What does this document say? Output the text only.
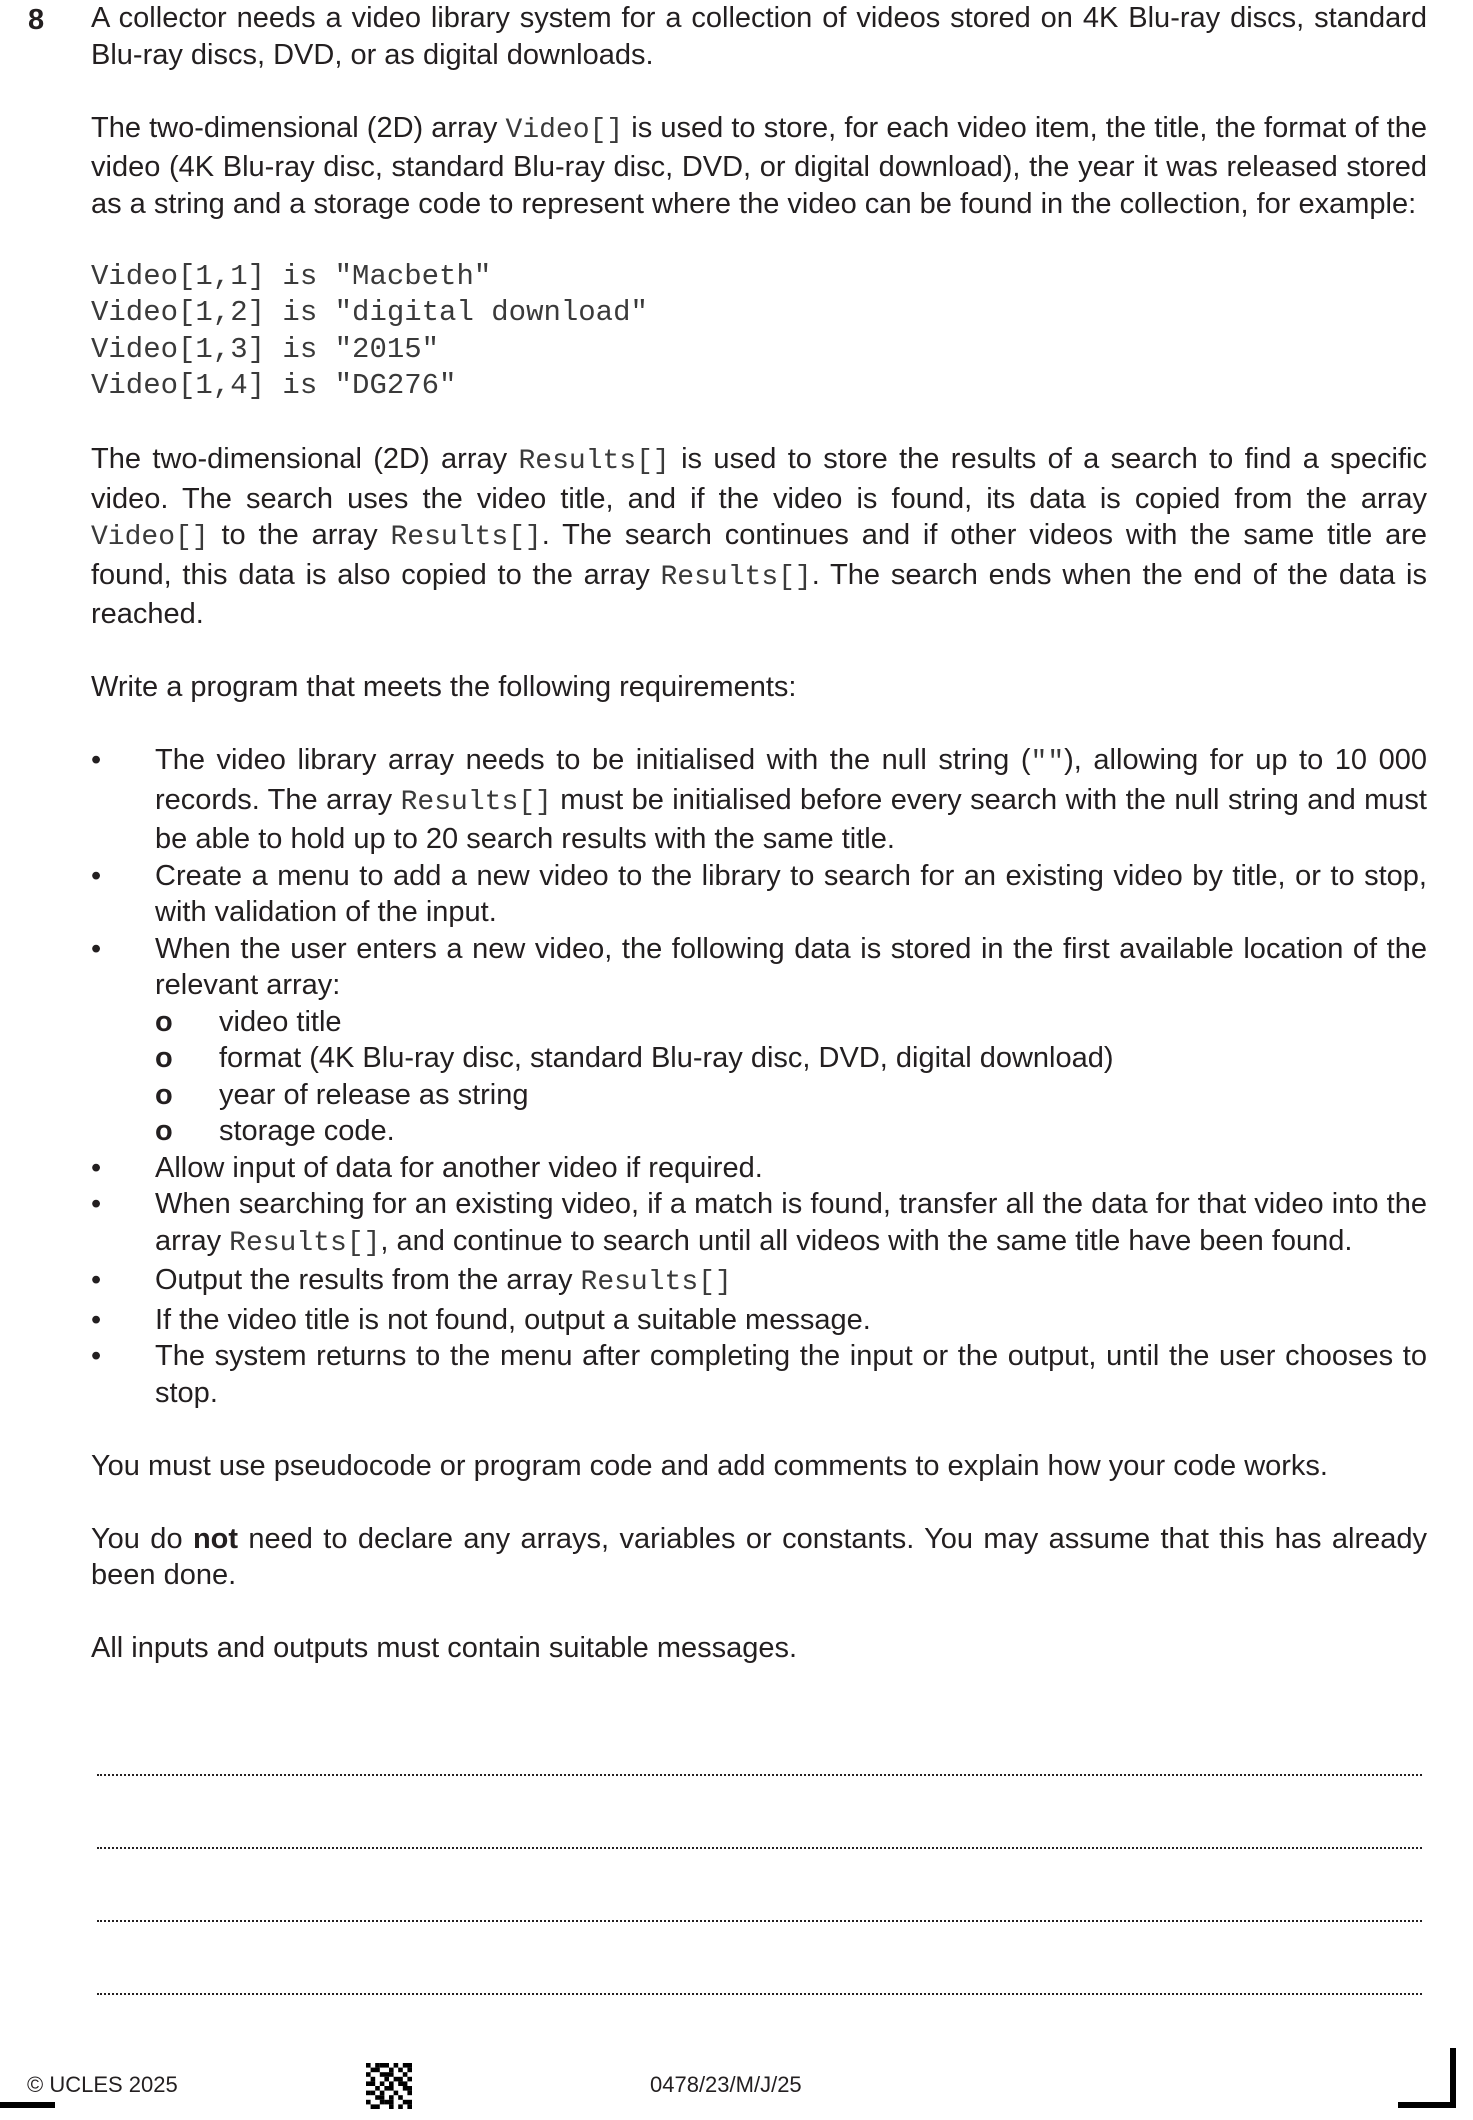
8 A collector needs a video library system for a collection of videos stored on 4K Blu-ray discs, standard Blu-ray discs, DVD, or as digital downloads.

The two-dimensional (2D) array Video[] is used to store, for each video item, the title, the format of the video (4K Blu-ray disc, standard Blu-ray disc, DVD, or digital download), the year it was released stored as a string and a storage code to represent where the video can be found in the collection, for example:

Video[1,1] is "Macbeth"
Video[1,2] is "digital download"
Video[1,3] is "2015"
Video[1,4] is "DG276"

The two-dimensional (2D) array Results[] is used to store the results of a search to find a specific video. The search uses the video title, and if the video is found, its data is copied from the array Video[] to the array Results[]. The search continues and if other videos with the same title are found, this data is also copied to the array Results[]. The search ends when the end of the data is reached.

Write a program that meets the following requirements:

• The video library array needs to be initialised with the null string (""), allowing for up to 10 000 records. The array Results[] must be initialised before every search with the null string and must be able to hold up to 20 search results with the same title.
• Create a menu to add a new video to the library to search for an existing video by title, or to stop, with validation of the input.
• When the user enters a new video, the following data is stored in the first available location of the relevant array:
o video title
o format (4K Blu-ray disc, standard Blu-ray disc, DVD, digital download)
o year of release as string
o storage code.
• Allow input of data for another video if required.
• When searching for an existing video, if a match is found, transfer all the data for that video into the array Results[], and continue to search until all videos with the same title have been found.
• Output the results from the array Results[]
• If the video title is not found, output a suitable message.
• The system returns to the menu after completing the input or the output, until the user chooses to stop.

You must use pseudocode or program code and add comments to explain how your code works.

You do not need to declare any arrays, variables or constants. You may assume that this has already been done.

All inputs and outputs must contain suitable messages.

© UCLES 2025	0478/23/M/J/25
